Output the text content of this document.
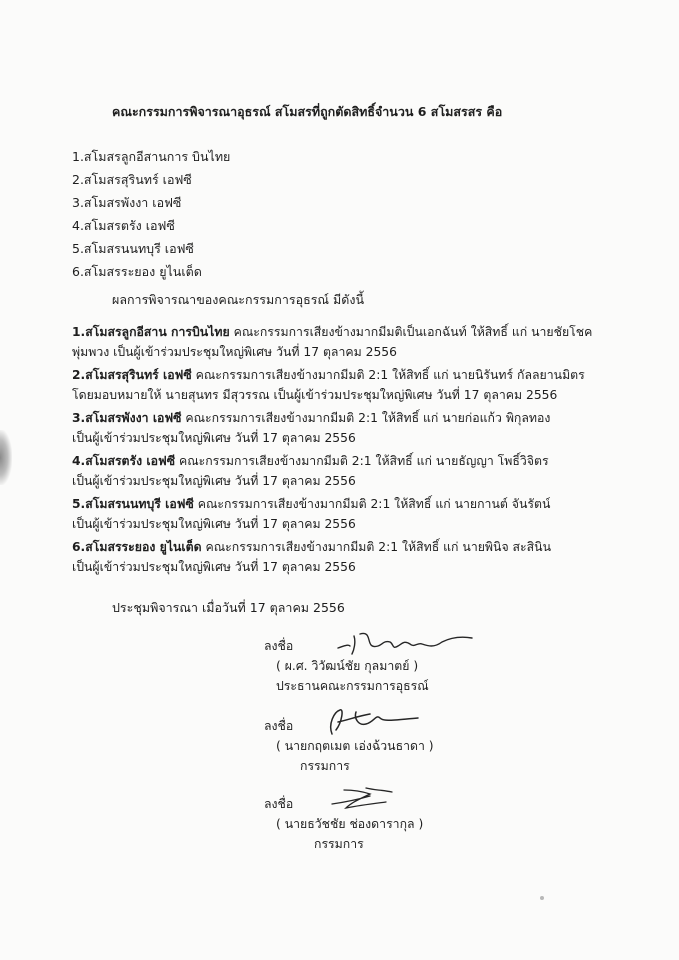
คณะกรรมการพิจารณาอุธรณ์ สโมสรที่ถูกตัดสิทธิ์จำนวน 6 สโมสรสร คือ
1.สโมสรลูกอีสานการ บินไทย
2.สโมสรสุรินทร์ เอฟซี
3.สโมสรพังงา เอฟซี
4.สโมสรตรัง เอฟซี
5.สโมสรนนทบุรี เอฟซี
6.สโมสรระยอง ยูไนเต็ด
ผลการพิจารณาของคณะกรรมการอุธรณ์ มีดังนี้
1.สโมสรลูกอีสาน การบินไทย คณะกรรมการเสียงข้างมากมีมติเป็นเอกฉันท์ ให้สิทธิ์ แก่ นายชัยโชค
พุ่มพวง เป็นผู้เข้าร่วมประชุมใหญ่พิเศษ วันที่ 17 ตุลาคม 2556
2.สโมสรสุรินทร์ เอฟซี คณะกรรมการเสียงข้างมากมีมติ 2:1 ให้สิทธิ์ แก่ นายนิรันทร์ กัลลยานมิตร
โดยมอบหมายให้ นายสุนทร มีสุวรรณ เป็นผู้เข้าร่วมประชุมใหญ่พิเศษ วันที่ 17 ตุลาคม 2556
3.สโมสรพังงา เอฟซี คณะกรรมการเสียงข้างมากมีมติ 2:1 ให้สิทธิ์ แก่ นายก่อแก้ว พิกุลทอง
เป็นผู้เข้าร่วมประชุมใหญ่พิเศษ วันที่ 17 ตุลาคม 2556
4.สโมสรตรัง เอฟซี คณะกรรมการเสียงข้างมากมีมติ 2:1 ให้สิทธิ์ แก่ นายธัญญา โพธิ์วิจิตร
เป็นผู้เข้าร่วมประชุมใหญ่พิเศษ วันที่ 17 ตุลาคม 2556
5.สโมสรนนทบุรี เอฟซี คณะกรรมการเสียงข้างมากมีมติ 2:1 ให้สิทธิ์ แก่ นายกานต์ จันรัตน์
เป็นผู้เข้าร่วมประชุมใหญ่พิเศษ วันที่ 17 ตุลาคม 2556
6.สโมสรระยอง ยูไนเต็ด คณะกรรมการเสียงข้างมากมีมติ 2:1 ให้สิทธิ์ แก่ นายพินิจ สะสินิน
เป็นผู้เข้าร่วมประชุมใหญ่พิเศษ วันที่ 17 ตุลาคม 2556
ประชุมพิจารณา เมื่อวันที่ 17 ตุลาคม 2556
ลงชื่อ
( ผ.ศ. วิวัฒน์ชัย กุลมาตย์ )
ประธานคณะกรรมการอุธรณ์
ลงชื่อ
( นายกฤตเมต เอ่งฉ้วนธาดา )
กรรมการ
ลงชื่อ
( นายธวัชชัย ช่องดารากุล )
กรรมการ
